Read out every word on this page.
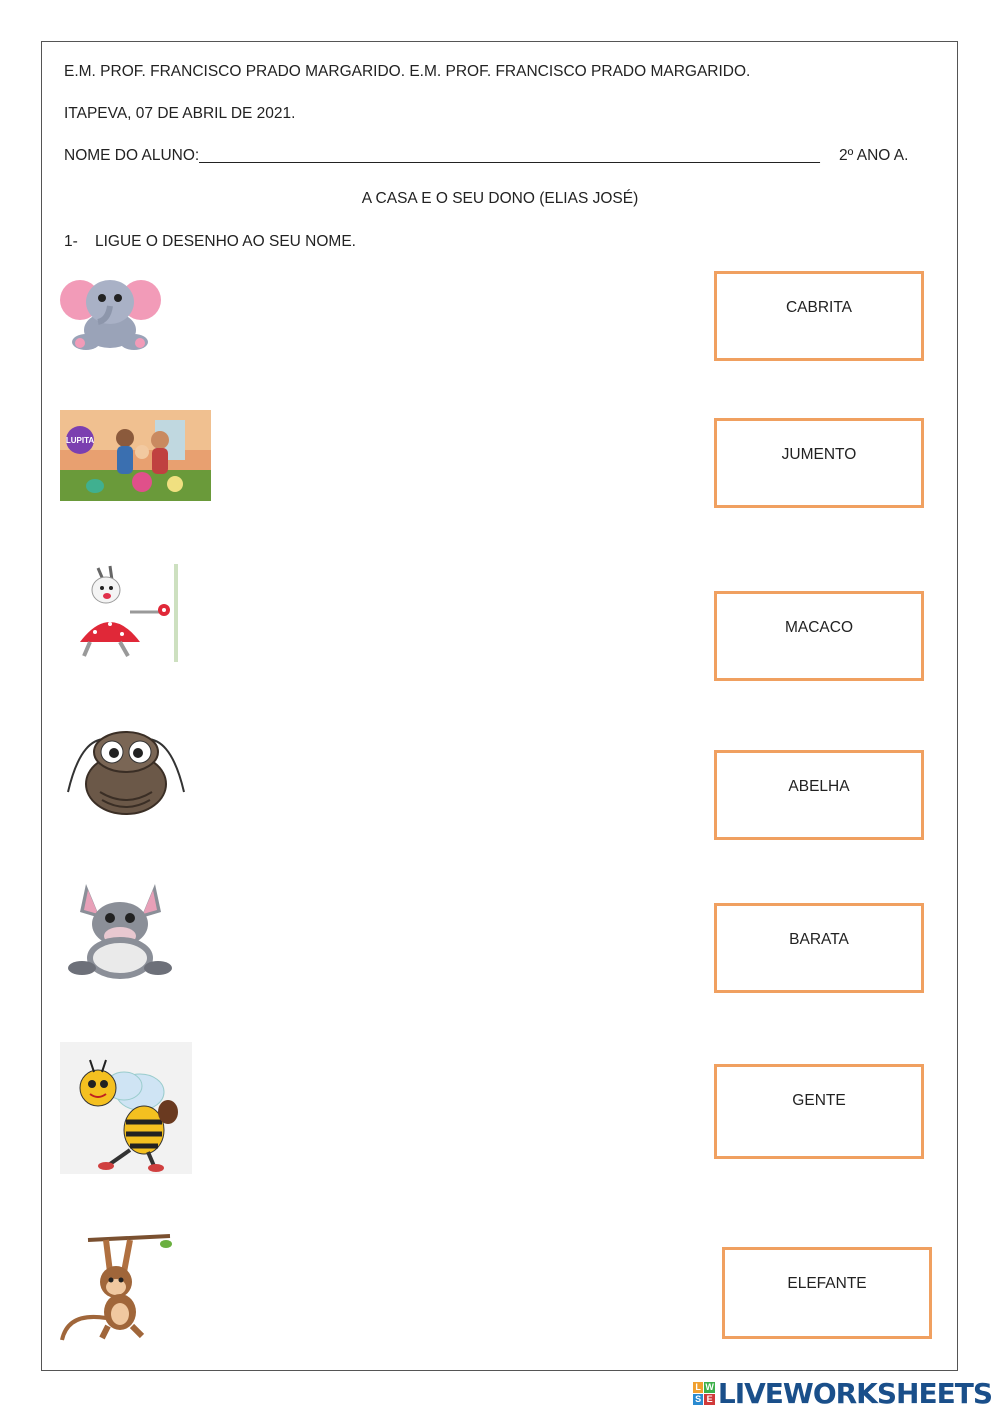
E.M. PROF. FRANCISCO PRADO MARGARIDO. E.M. PROF. FRANCISCO PRADO MARGARIDO.
ITAPEVA, 07 DE ABRIL DE 2021.
NOME DO ALUNO:________________________________________________________________________	2º ANO A.
A CASA E O SEU DONO (ELIAS JOSÉ)
1- LIGUE O DESENHO AO SEU NOME.
LUPITA
CABRITA
JUMENTO
MACACO
ABELHA
BARATA
GENTE
ELEFANTE
L W
S E LIVEWORKSHEETS
